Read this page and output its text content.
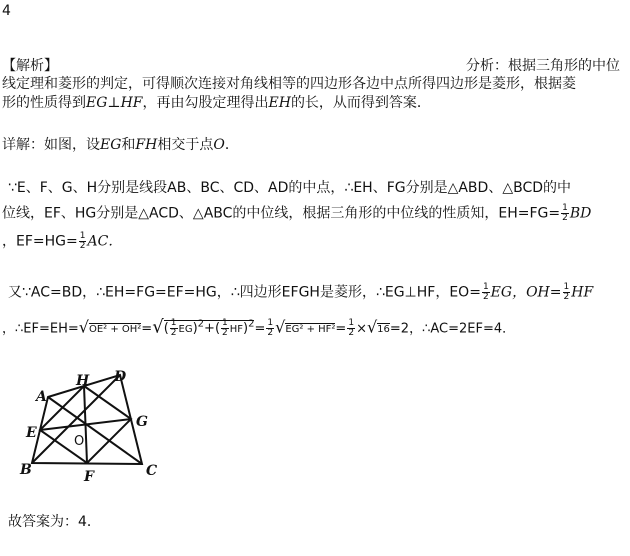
4
【解析】	分析：根据三角形的中位
线定理和菱形的判定，可得顺次连接对角线相等的四边形各边中点所得四边形是菱形，根据菱
形的性质得到EG⊥HF，再由勾股定理得出EH的长，从而得到答案．
详解：如图，设EG和FH相交于点O．
∵E、F、G、H分别是线段AB、BC、CD、AD的中点，∴EH、FG分别是△ABD、△BCD的中
位线，EF、HG分别是△ACD、△ABC的中位线，根据三角形的中位线的性质知，$EH=FG= \frac{1}{2}$ BD
，$EF=HG= \frac{1}{2}$ AC．
又∵AC=BD，∴EH=FG=EF=HG，∴四边形EFGH是菱形，∴EG⊥HF，$EO= \frac{1}{2}$ EG，$OH= \frac{1}{2}$ HF
，∴EF=EH=√OE² + $OH^2=√( \frac{1}{2} EG)^2+( \frac{1}{2} HF)^2= \frac{1}{2} √EG^2 + HF^2= \frac{1}{2} \times√16=2$，∴AC=2EF=4．
A
B	C
D
E
F
G
H
O
故答案为：4．
